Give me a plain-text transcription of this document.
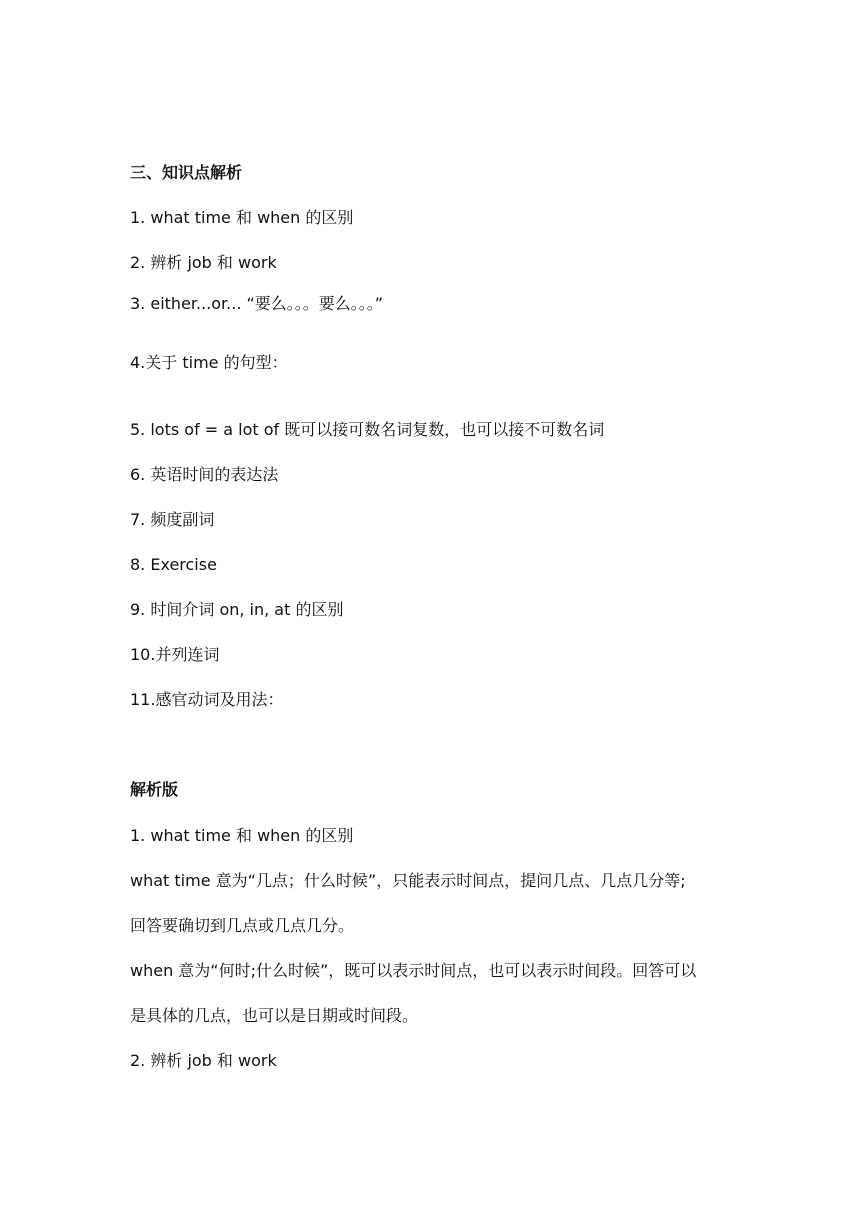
三、知识点解析
1. what time 和 when 的区别
2. 辨析 job 和 work
3. either...or... “要么。。。要么。。。”
4.关于 time 的句型：
5. lots of = a lot of 既可以接可数名词复数，也可以接不可数名词
6. 英语时间的表达法
7. 频度副词
8. Exercise
9. 时间介词 on, in, at 的区别
10.并列连词
11.感官动词及用法：
解析版
1. what time 和 when 的区别
what time 意为“几点；什么时候”，只能表示时间点，提问几点、几点几分等;
回答要确切到几点或几点几分。
when 意为“何时;什么时候”，既可以表示时间点，也可以表示时间段。回答可以
是具体的几点，也可以是日期或时间段。
2. 辨析 job 和 work
